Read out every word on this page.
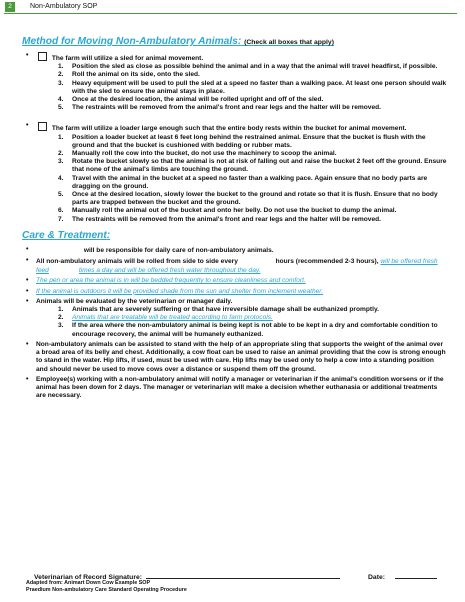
2	Non-Ambulatory SOP
Method for Moving Non-Ambulatory Animals: (Check all boxes that apply)
•	The farm will utilize a sled for animal movement.
1. Position the sled as close as possible behind the animal and in a way that the animal will travel headfirst, if possible.
2. Roll the animal on its side, onto the sled.
3. Heavy equipment will be used to pull the sled at a speed no faster than a walking pace. At least one person should walk with the sled to ensure the animal stays in place.
4. Once at the desired location, the animal will be rolled upright and off of the sled.
5. The restraints will be removed from the animal's front and rear legs and the halter will be removed.
•	The farm will utilize a loader large enough such that the entire body rests within the bucket for animal movement.
1. Position a loader bucket at least 6 feet long behind the restrained animal. Ensure that the bucket is flush with the ground and that the bucket is cushioned with bedding or rubber mats.
2. Manually roll the cow into the bucket, do not use the machinery to scoop the animal.
3. Rotate the bucket slowly so that the animal is not at risk of falling out and raise the bucket 2 feet off the ground. Ensure that none of the animal's limbs are touching the ground.
4. Travel with the animal in the bucket at a speed no faster than a walking pace. Again ensure that no body parts are dragging on the ground.
5. Once at the desired location, slowly lower the bucket to the ground and rotate so that it is flush. Ensure that no body parts are trapped between the bucket and the ground.
6. Manually roll the animal out of the bucket and onto her belly. Do not use the bucket to dump the animal.
7. The restraints will be removed from the animal's front and rear legs and the halter will be removed.
Care & Treatment:
•	will be responsible for daily care of non-ambulatory animals.
• All non-ambulatory animals will be rolled from side to side every	hours (recommended 2-3 hours), will be offered fresh feed	times a day and will be offered fresh water throughout the day.
• The pen or area the animal is in will be bedded frequently to ensure cleanliness and comfort.
• If the animal is outdoors it will be provided shade from the sun and shelter from inclement weather.
• Animals will be evaluated by the veterinarian or manager daily.
1. Animals that are severely suffering or that have irreversible damage shall be euthanized promptly.
2. Animals that are treatable will be treated according to farm protocols.
3. If the area where the non-ambulatory animal is being kept is not able to be kept in a dry and comfortable condition to encourage recovery, the animal will be humanely euthanized.
• Non-ambulatory animals can be assisted to stand with the help of an appropriate sling that supports the weight of the animal over a broad area of its belly and chest. Additionally, a cow float can be used to raise an animal providing that the cow is strong enough to stand in the water. Hip lifts, if used, must be used with care. Hip lifts may be used only to help a cow into a standing position and should never be used to move cows over a distance or suspend them off the ground.
• Employee(s) working with a non-ambulatory animal will notify a manager or veterinarian if the animal's condition worsens or if the animal has been down for 2 days. The manager or veterinarian will make a decision whether euthanasia or additional treatments are necessary.
Veterinarian of Record Signature:	Date:
Adapted from: Animart Down Cow Example SOP
Praedium Non-ambulatory Care Standard Operating Procedure
